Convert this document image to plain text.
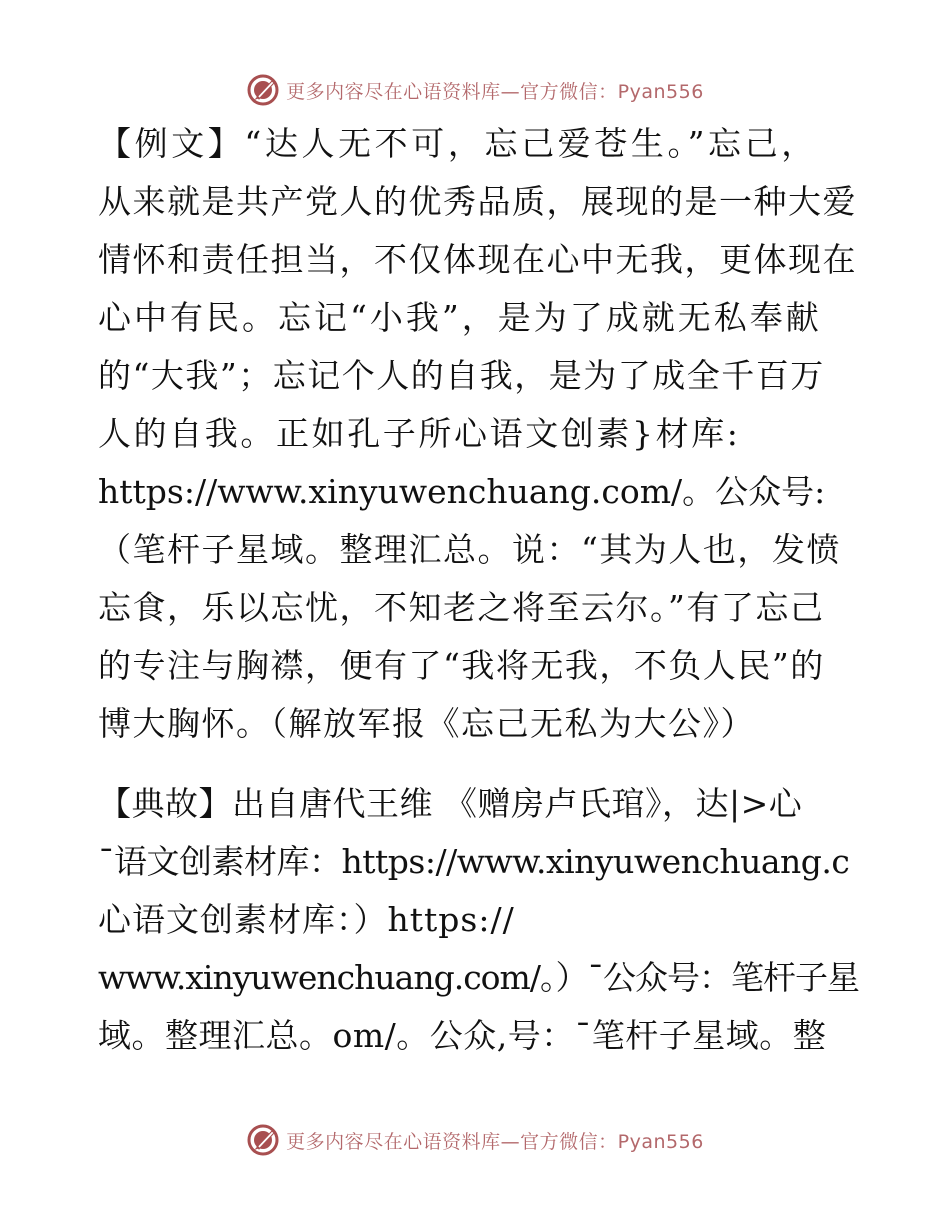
更多内容尽在心语资料库—官方微信：Pyan556
【例文】“达人无不可，忘己爱苍生。”忘己，
从来就是共产党人的优秀品质，展现的是一种大爱
情怀和责任担当，不仅体现在心中无我，更体现在
心中有民。忘记“小我”，是为了成就无私奉献
的“大我”；忘记个人的自我，是为了成全千百万
人的自我。正如孔子所心语文创素}材库:
https://www.xinyuwenchuang.com/。公众号:
（笔杆子星域。整理汇总。说：“其为人也，发愤
忘食，乐以忘忧，不知老之将至云尔。”有了忘己
的专注与胸襟，便有了“我将无我，不负人民”的
博大胸怀。（解放军报《忘己无私为大公》）
【典故】出自唐代王维 《赠房卢氏琯》，达|>心
¯语文创素材库：https://www.xinyuwenchuang.c
心语文创素材库：）https://
www.xinyuwenchuang.com/。）¯公众号：笔杆子星
域。整理汇总。om/。公众,号：¯笔杆子星域。整
更多内容尽在心语资料库—官方微信：Pyan556
